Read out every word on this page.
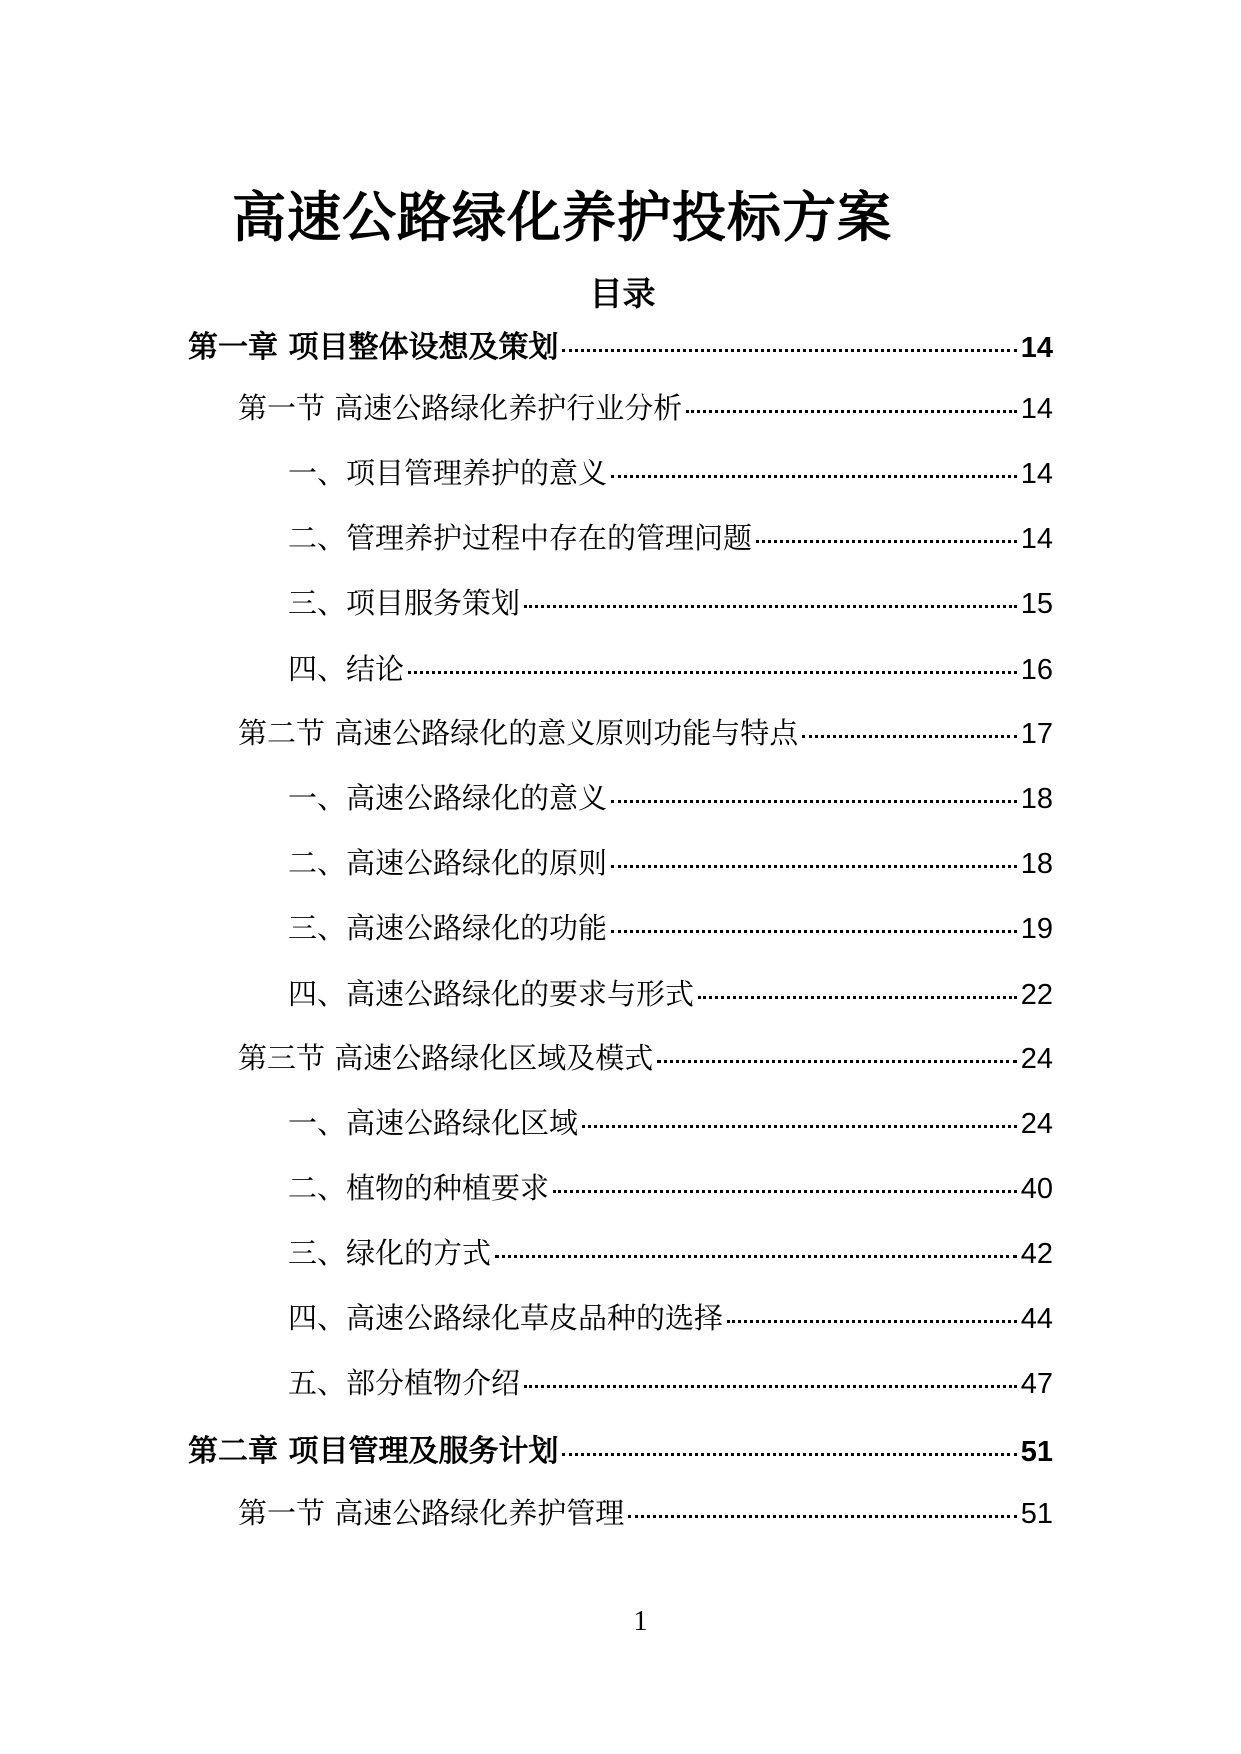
高速公路绿化养护投标方案
目录
第一章 项目整体设想及策划	14
第一节 高速公路绿化养护行业分析	14
一、项目管理养护的意义	14
二、管理养护过程中存在的管理问题	14
三、项目服务策划	15
四、结论	16
第二节 高速公路绿化的意义原则功能与特点	17
一、高速公路绿化的意义	18
二、高速公路绿化的原则	18
三、高速公路绿化的功能	19
四、高速公路绿化的要求与形式	22
第三节 高速公路绿化区域及模式	24
一、高速公路绿化区域	24
二、植物的种植要求	40
三、绿化的方式	42
四、高速公路绿化草皮品种的选择	44
五、部分植物介绍	47
第二章 项目管理及服务计划	51
第一节 高速公路绿化养护管理	51
1
